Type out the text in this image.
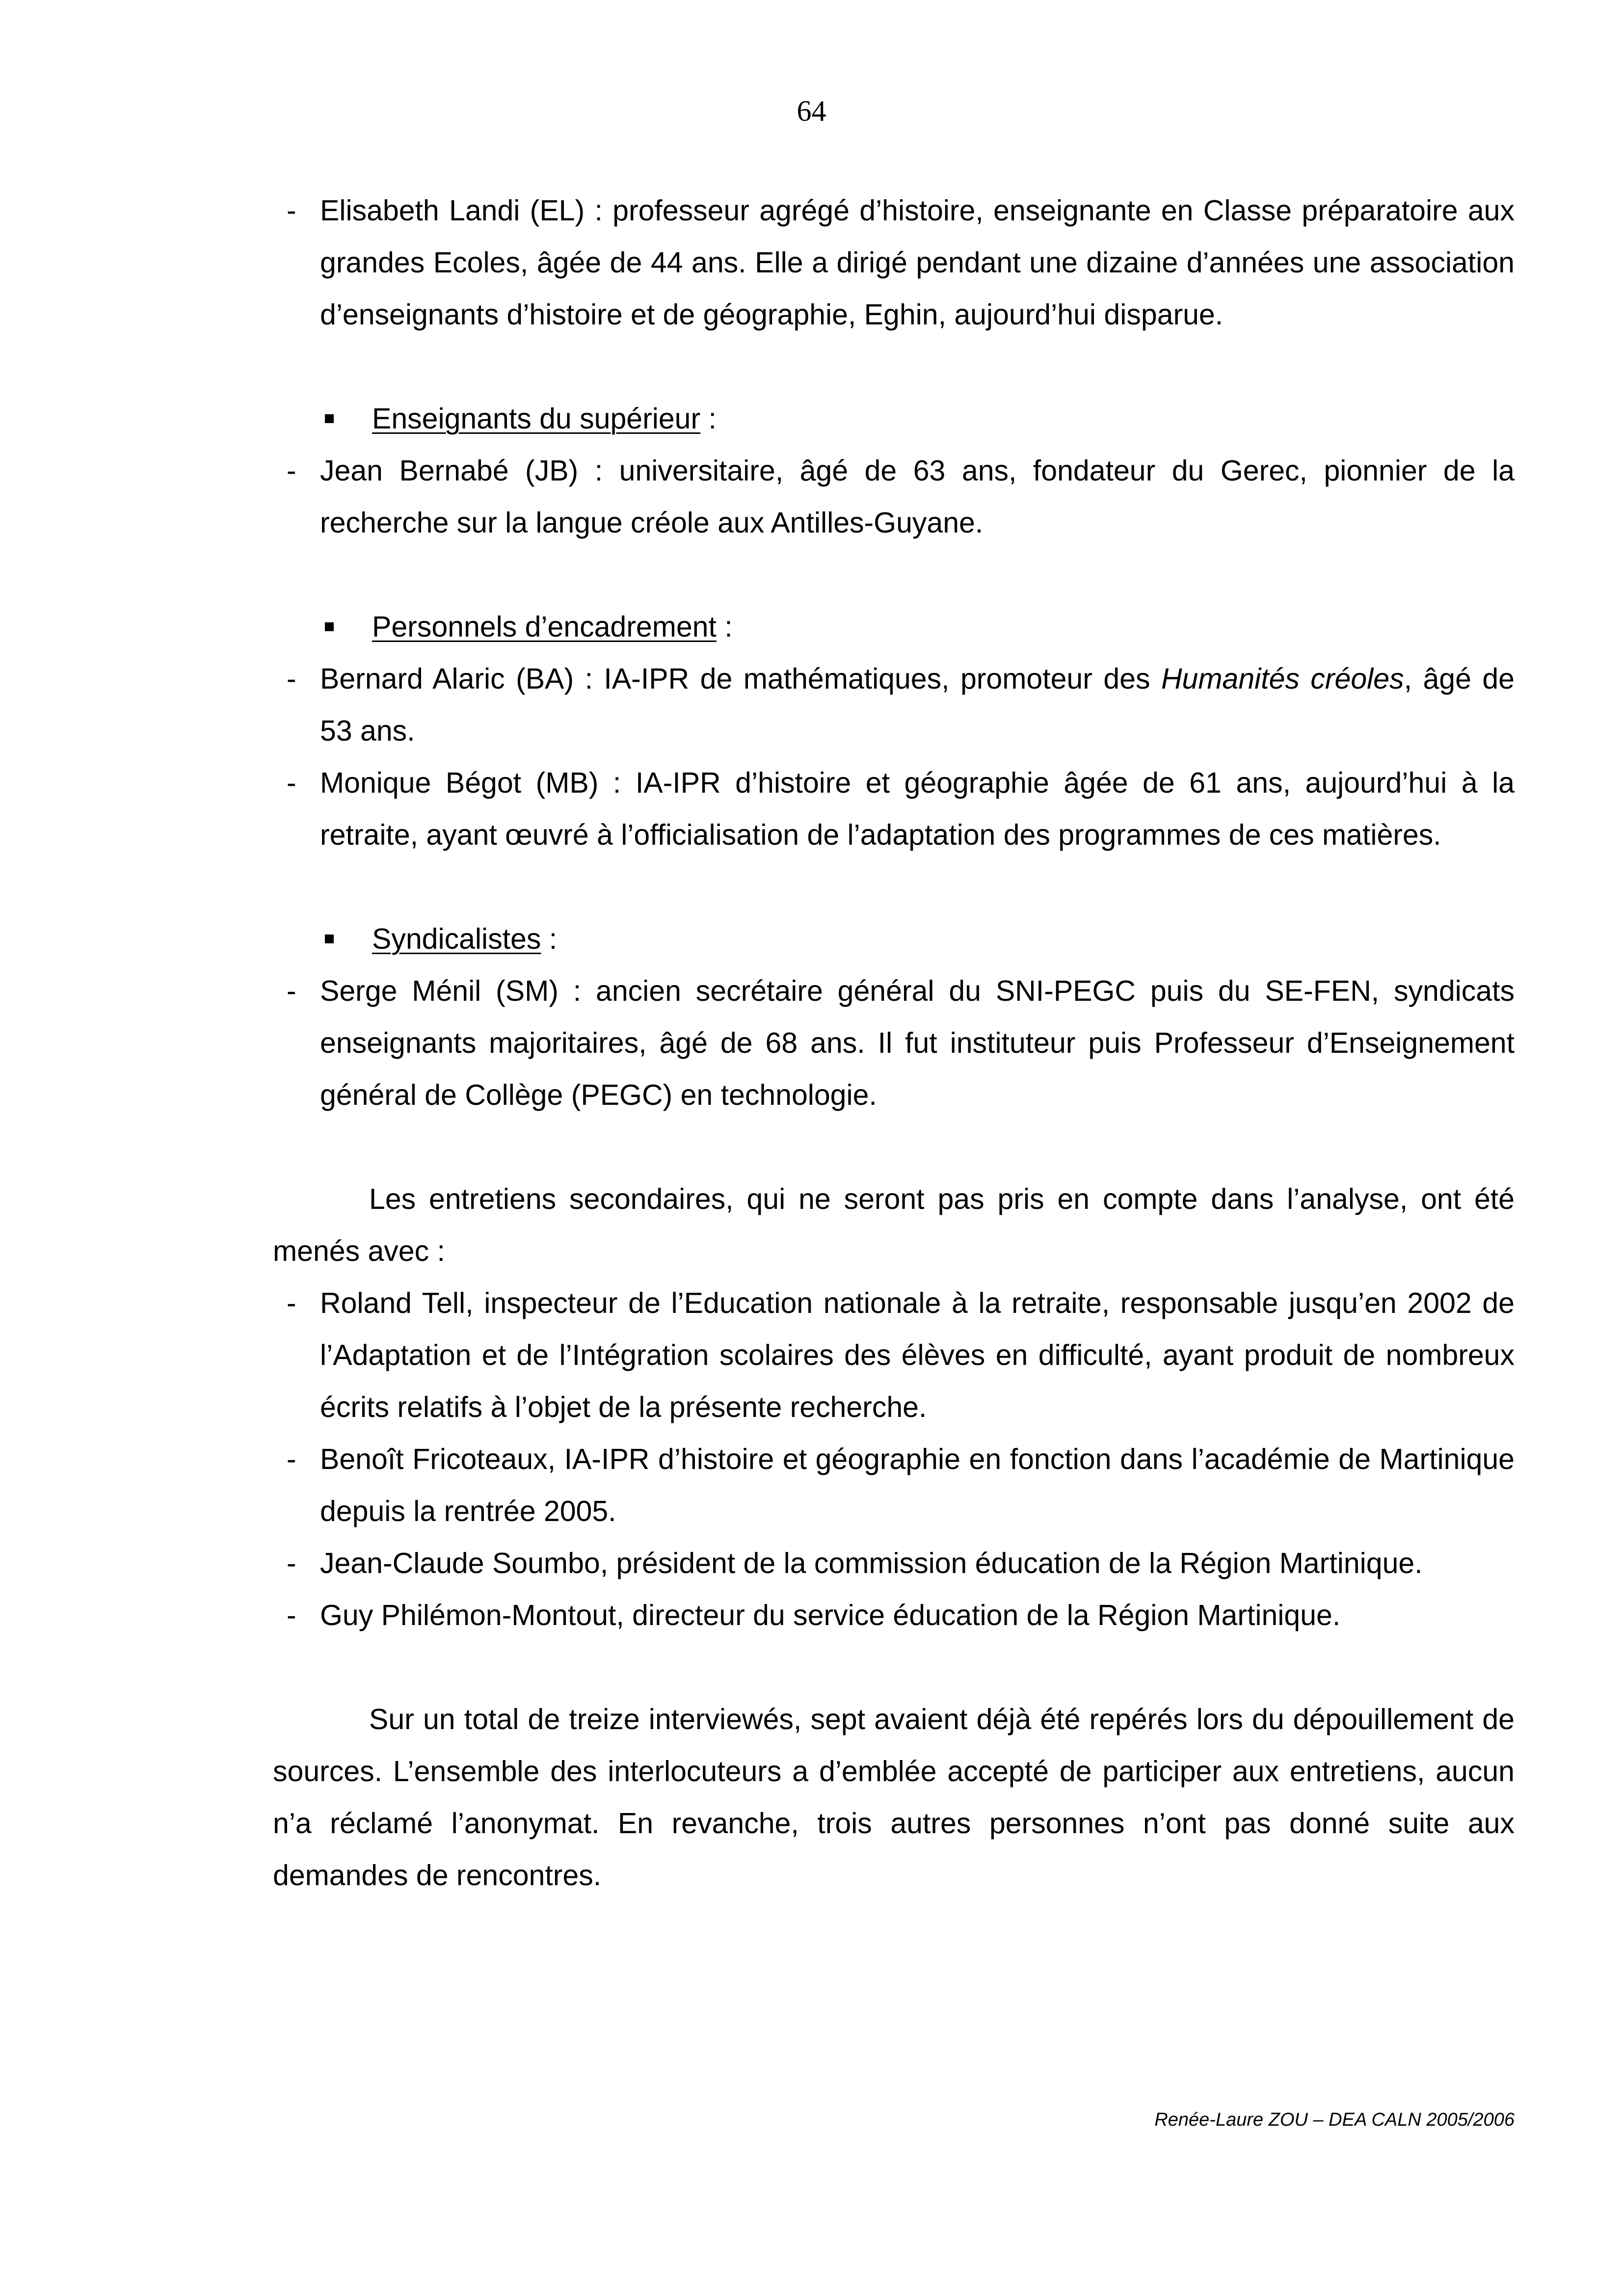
64
- Elisabeth Landi (EL) : professeur agrégé d’histoire, enseignante en Classe préparatoire aux grandes Ecoles, âgée de 44 ans. Elle a dirigé pendant une dizaine d’années une association d’enseignants d’histoire et de géographie, Eghin, aujourd’hui disparue.
Enseignants du supérieur :
- Jean Bernabé (JB) : universitaire, âgé de 63 ans, fondateur du Gerec, pionnier de la recherche sur la langue créole aux Antilles-Guyane.
Personnels d’encadrement :
- Bernard Alaric (BA) : IA-IPR de mathématiques, promoteur des Humanités créoles, âgé de 53 ans.
- Monique Bégot (MB) : IA-IPR d’histoire et géographie âgée de 61 ans, aujourd’hui à la retraite, ayant œuvré à l’officialisation de l’adaptation des programmes de ces matières.
Syndicalistes :
- Serge Ménil (SM) : ancien secrétaire général du SNI-PEGC puis du SE-FEN, syndicats enseignants majoritaires, âgé de 68 ans. Il fut instituteur puis Professeur d’Enseignement général de Collège (PEGC) en technologie.

Les entretiens secondaires, qui ne seront pas pris en compte dans l’analyse, ont été menés avec :

- Roland Tell, inspecteur de l’Education nationale à la retraite, responsable jusqu’en 2002 de l’Adaptation et de l’Intégration scolaires des élèves en difficulté, ayant produit de nombreux écrits relatifs à l’objet de la présente recherche.
- Benoît Fricoteaux, IA-IPR d’histoire et géographie en fonction dans l’académie de Martinique depuis la rentrée 2005.
- Jean-Claude Soumbo, président de la commission éducation de la Région Martinique.
- Guy Philémon-Montout, directeur du service éducation de la Région Martinique.

Sur un total de treize interviewés, sept avaient déjà été repérés lors du dépouillement de sources. L’ensemble des interlocuteurs a d’emblée accepté de participer aux entretiens, aucun n’a réclamé l’anonymat. En revanche, trois autres personnes n’ont pas donné suite aux demandes de rencontres.

Renée-Laure ZOU – DEA CALN 2005/2006
